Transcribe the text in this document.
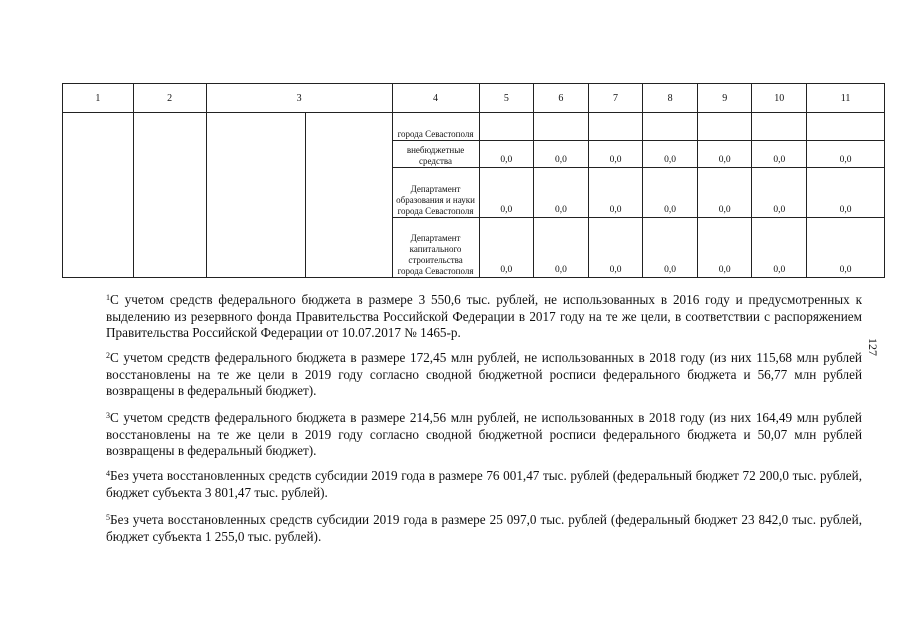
1	2	3		4	5	6	7	8	9	10	11
				города Севастополя							
				внебюджетные средства	0,0	0,0	0,0	0,0	0,0	0,0	0,0
				Департамент образования и науки города Севастополя	0,0	0,0	0,0	0,0	0,0	0,0	0,0
				Департамент капитального строительства города Севастополя	0,0	0,0	0,0	0,0	0,0	0,0	0,0

$^1$С учетом средств федерального бюджета в размере 3 550,6 тыс. рублей, не использованных в 2016 году и предусмотренных к выделению из резервного фонда Правительства Российской Федерации в 2017 году на те же цели, в соответствии с распоряжением Правительства Российской Федерации от 10.07.2017 № 1465-р.

$^2$С учетом средств федерального бюджета в размере 172,45 млн рублей, не использованных в 2018 году (из них 115,68 млн рублей восстановлены на те же цели в 2019 году согласно сводной бюджетной росписи федерального бюджета и 56,77 млн рублей возвращены в федеральный бюджет).

$^3$С учетом средств федерального бюджета в размере 214,56 млн рублей, не использованных в 2018 году (из них 164,49 млн рублей восстановлены на те же цели в 2019 году согласно сводной бюджетной росписи федерального бюджета и 50,07 млн рублей возвращены в федеральный бюджет).

$^4$Без учета восстановленных средств субсидии 2019 года в размере 76 001,47 тыс. рублей (федеральный бюджет 72 200,0 тыс. рублей, бюджет субъекта 3 801,47 тыс. рублей).

$^5$Без учета восстановленных средств субсидии 2019 года в размере 25 097,0 тыс. рублей (федеральный бюджет 23 842,0 тыс. рублей, бюджет субъекта 1 255,0 тыс. рублей).

127
